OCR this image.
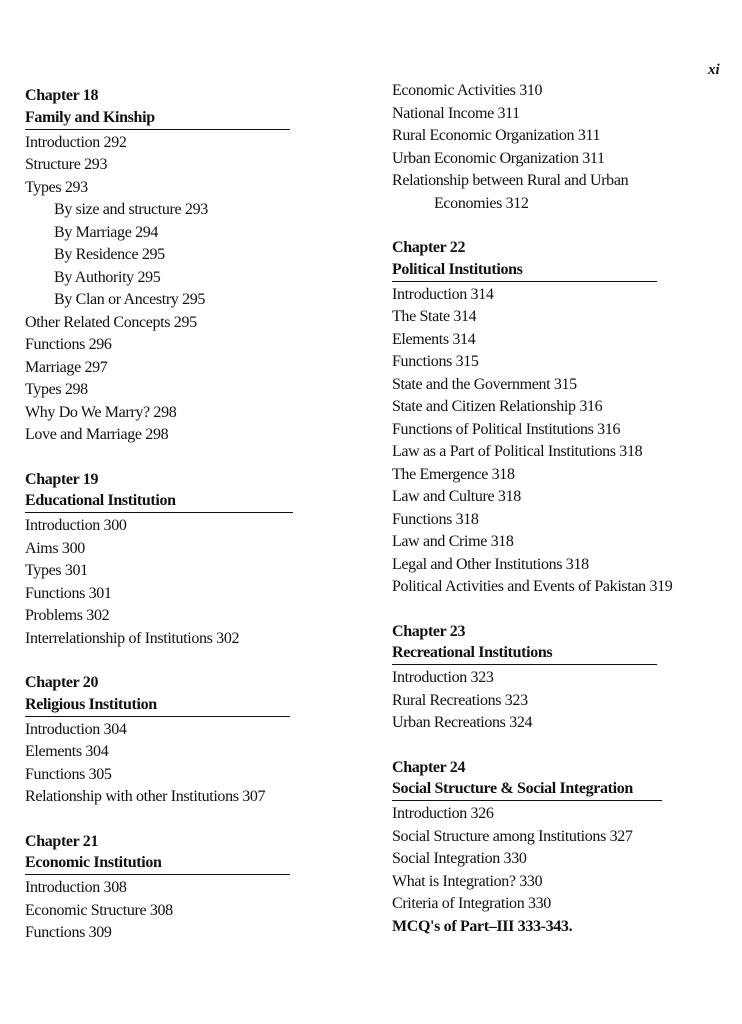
xi
Chapter 18
Family and Kinship
Introduction 292
Structure 293
Types 293
By size and structure 293
By Marriage 294
By Residence 295
By Authority 295
By Clan or Ancestry 295
Other Related Concepts 295
Functions 296
Marriage 297
Types 298
Why Do We Marry? 298
Love and Marriage 298
Chapter 19
Educational Institution
Introduction 300
Aims 300
Types 301
Functions 301
Problems 302
Interrelationship of Institutions 302
Chapter 20
Religious Institution
Introduction 304
Elements 304
Functions 305
Relationship with other Institutions 307
Chapter 21
Economic Institution
Introduction 308
Economic Structure 308
Functions 309
Economic Activities 310
National Income 311
Rural Economic Organization 311
Urban Economic Organization 311
Relationship between Rural and Urban
Economies 312
Chapter 22
Political Institutions
Introduction 314
The State 314
Elements 314
Functions 315
State and the Government 315
State and Citizen Relationship 316
Functions of Political Institutions 316
Law as a Part of Political Institutions 318
The Emergence 318
Law and Culture 318
Functions 318
Law and Crime 318
Legal and Other Institutions 318
Political Activities and Events of Pakistan 319
Chapter 23
Recreational Institutions
Introduction 323
Rural Recreations 323
Urban Recreations 324
Chapter 24
Social Structure & Social Integration
Introduction 326
Social Structure among Institutions 327
Social Integration 330
What is Integration? 330
Criteria of Integration 330
MCQ's of Part–III 333-343.
